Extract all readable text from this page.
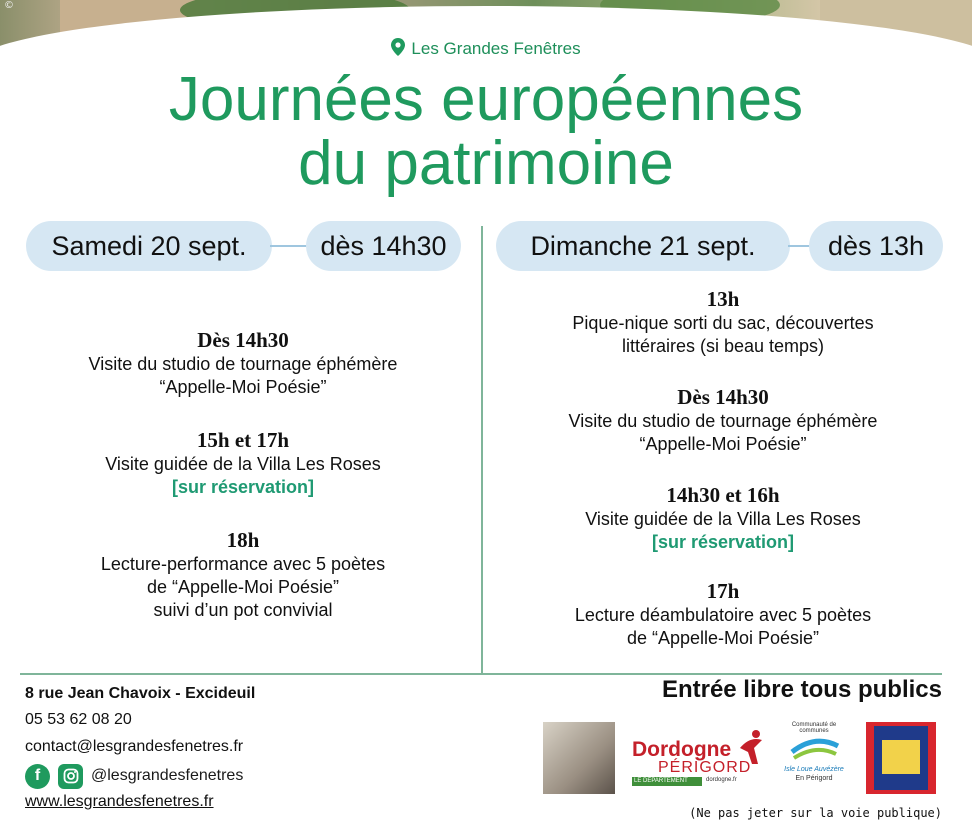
©
Les Grandes Fenêtres
Journées européennes
du patrimoine
Samedi 20 sept.	dès 14h30	Dimanche 21 sept.	dès 13h
Dès 14h30
Visite du studio de tournage éphémère
“Appelle-Moi Poésie”
15h et 17h
Visite guidée de la Villa Les Roses
[sur réservation]
18h
Lecture-performance avec 5 poètes
de “Appelle-Moi Poésie”
suivi d’un pot convivial
13h
Pique-nique sorti du sac, découvertes
littéraires (si beau temps)
Dès 14h30
Visite du studio de tournage éphémère
“Appelle-Moi Poésie”
14h30 et 16h
Visite guidée de la Villa Les Roses
[sur réservation]
17h
Lecture déambulatoire avec 5 poètes
de “Appelle-Moi Poésie”
8 rue Jean Chavoix - Excideuil
05 53 62 08 20
contact@lesgrandesfenetres.fr
f	@lesgrandesfenetres
www.lesgrandesfenetres.fr
Entrée libre tous publics
Dordogne
PÉRIGORD
LE DÉPARTEMENT	dordogne.fr
Communauté de communes
Isle Loue Auvézère
En Périgord
(Ne pas jeter sur la voie publique)
